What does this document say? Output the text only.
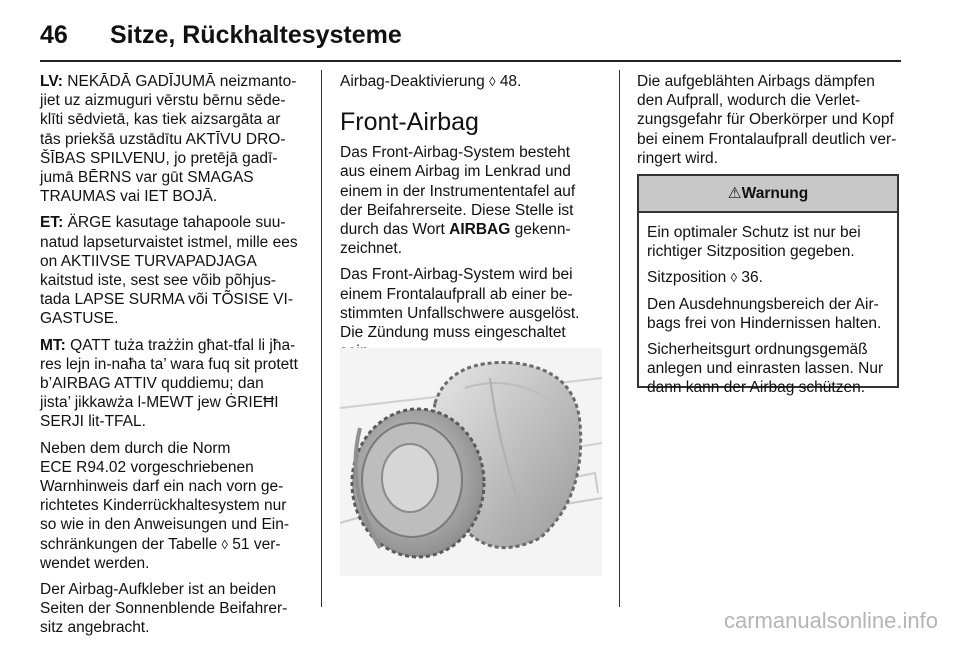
46	Sitze, Rückhaltesysteme

LV: NEKĀDĀ GADĪJUMĀ neizmanto-
jiet uz aizmuguri vērstu bērnu sēde-
klīti sēdvietā, kas tiek aizsargāta ar
tās priekšā uzstādītu AKTĪVU DRO-
ŠĪBAS SPILVENU, jo pretējā gadī-
jumā BĒRNS var gūt SMAGAS
TRAUMAS vai IET BOJĀ.

ET: ÄRGE kasutage tahapoole suu-
natud lapseturvaistet istmel, mille ees
on AKTIIVSE TURVAPADJAGA
kaitstud iste, sest see võib põhjus-
tada LAPSE SURMA või TÕSISE VI-
GASTUSE.

MT: QATT tuża trażżin għat-tfal li jħa-
res lejn in-naħa ta’ wara fuq sit protett
b’AIRBAG ATTIV quddiemu; dan
jista’ jikkawża l-MEWT jew ĠRIEĦI
SERJI lit-TFAL.

Neben dem durch die Norm
ECE R94.02 vorgeschriebenen
Warnhinweis darf ein nach vorn ge-
richtetes Kinderrückhaltesystem nur
so wie in den Anweisungen und Ein-
schränkungen der Tabelle ◊ 51 ver-
wendet werden.

Der Airbag-Aufkleber ist an beiden
Seiten der Sonnenblende Beifahrer-
sitz angebracht.

Airbag-Deaktivierung ◊ 48.

Front-Airbag

Das Front-Airbag-System besteht
aus einem Airbag im Lenkrad und
einem in der Instrumententafel auf
der Beifahrerseite. Diese Stelle ist
durch das Wort AIRBAG gekenn-
zeichnet.

Das Front-Airbag-System wird bei
einem Frontalaufprall ab einer be-
stimmten Unfallschwere ausgelöst.
Die Zündung muss eingeschaltet

Die aufgeblähten Airbags dämpfen
den Aufprall, wodurch die Verlet-
zungsgefahr für Oberkörper und Kopf
bei einem Frontalaufprall deutlich ver-
ringert wird.

⚠ Warnung

Ein optimaler Schutz ist nur bei
richtiger Sitzposition gegeben.

Sitzposition ◊ 36.

Den Ausdehnungsbereich der Air-
bags frei von Hindernissen halten.

Sicherheitsgurt ordnungsgemäß
anlegen und einrasten lassen. Nur
dann kann der Airbag schützen.

carmanualsonline.info
